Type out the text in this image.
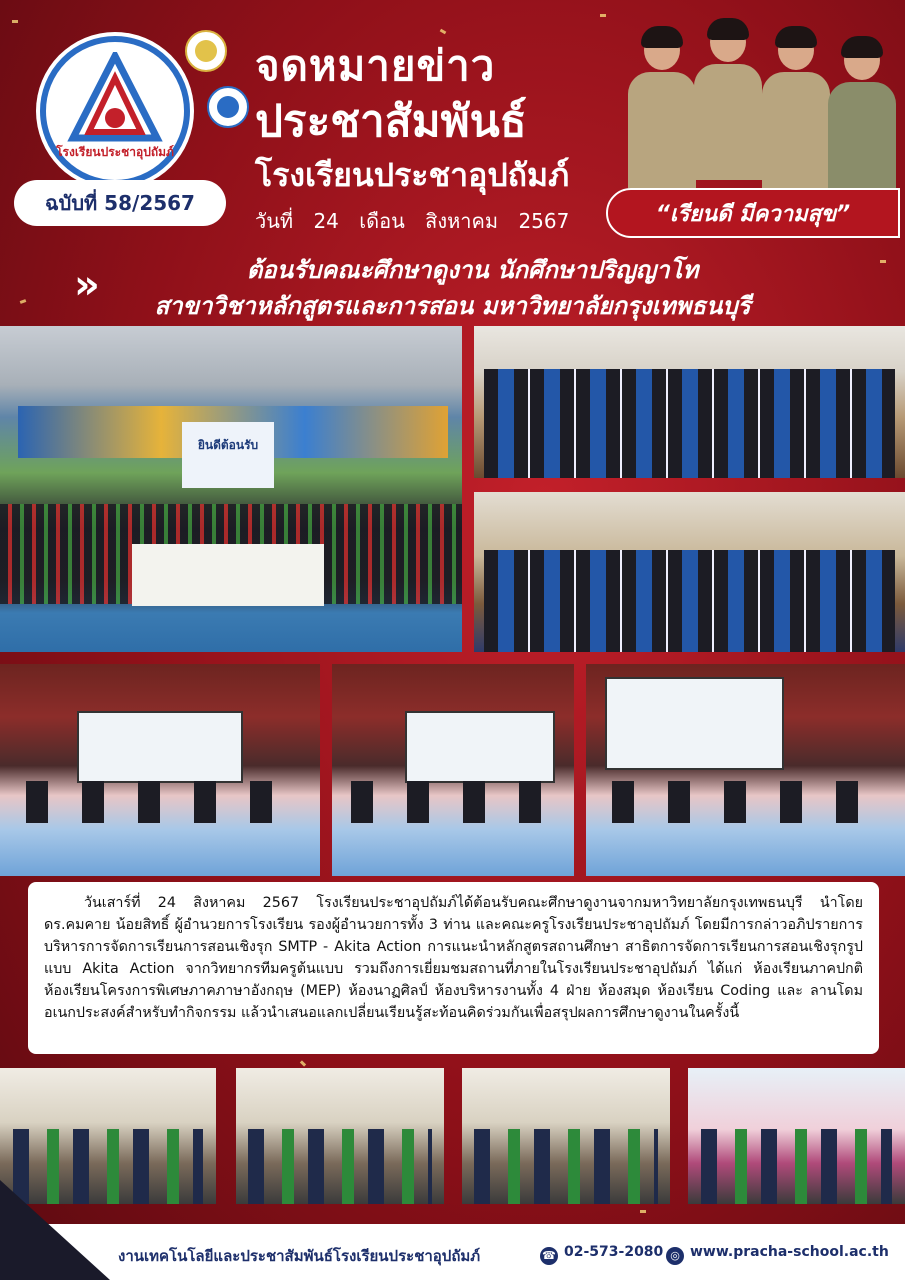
โรงเรียนประชาอุปถัมภ์
ฉบับที่ 58/2567
จดหมายข่าว
ประชาสัมพันธ์
โรงเรียนประชาอุปถัมภ์
วันที่ 24 เดือน สิงหาคม 2567	“เรียนดี มีความสุข”
»	ต้อนรับคณะศึกษาดูงาน นักศึกษาปริญญาโท
สาขาวิชาหลักสูตรและการสอน มหาวิทยาลัยกรุงเทพธนบุรี
ยินดีต้อนรับ

วันเสาร์ที่ 24 สิงหาคม 2567 โรงเรียนประชาอุปถัมภ์ได้ต้อนรับคณะศึกษาดูงานจากมหาวิทยาลัยกรุงเทพธนบุรี นำโดย ดร.คมคาย น้อยสิทธิ์ ผู้อำนวยการโรงเรียน รองผู้อำนวยการทั้ง 3 ท่าน และคณะครูโรงเรียนประชาอุปถัมภ์ โดยมีการกล่าวอภิปรายการบริหารการจัดการเรียนการสอนเชิงรุก SMTP - Akita Action การแนะนำหลักสูตรสถานศึกษา สาธิตการจัดการเรียนการสอนเชิงรุกรูปแบบ Akita Action จากวิทยากรทีมครูต้นแบบ รวมถึงการเยี่ยมชมสถานที่ภายในโรงเรียนประชาอุปถัมภ์ ได้แก่ ห้องเรียนภาคปกติ ห้องเรียนโครงการพิเศษภาคภาษาอังกฤษ (MEP) ห้องนาฏศิลป์ ห้องบริหารงานทั้ง 4 ฝ่าย ห้องสมุด ห้องเรียน Coding และ ลานโดมอเนกประสงค์สำหรับทำกิจกรรม แล้วนำเสนอแลกเปลี่ยนเรียนรู้สะท้อนคิดร่วมกันเพื่อสรุปผลการศึกษาดูงานในครั้งนี้

งานเทคโนโลยีและประชาสัมพันธ์โรงเรียนประชาอุปถัมภ์	☎ 02-573-2080 ◎ www.pracha-school.ac.th
